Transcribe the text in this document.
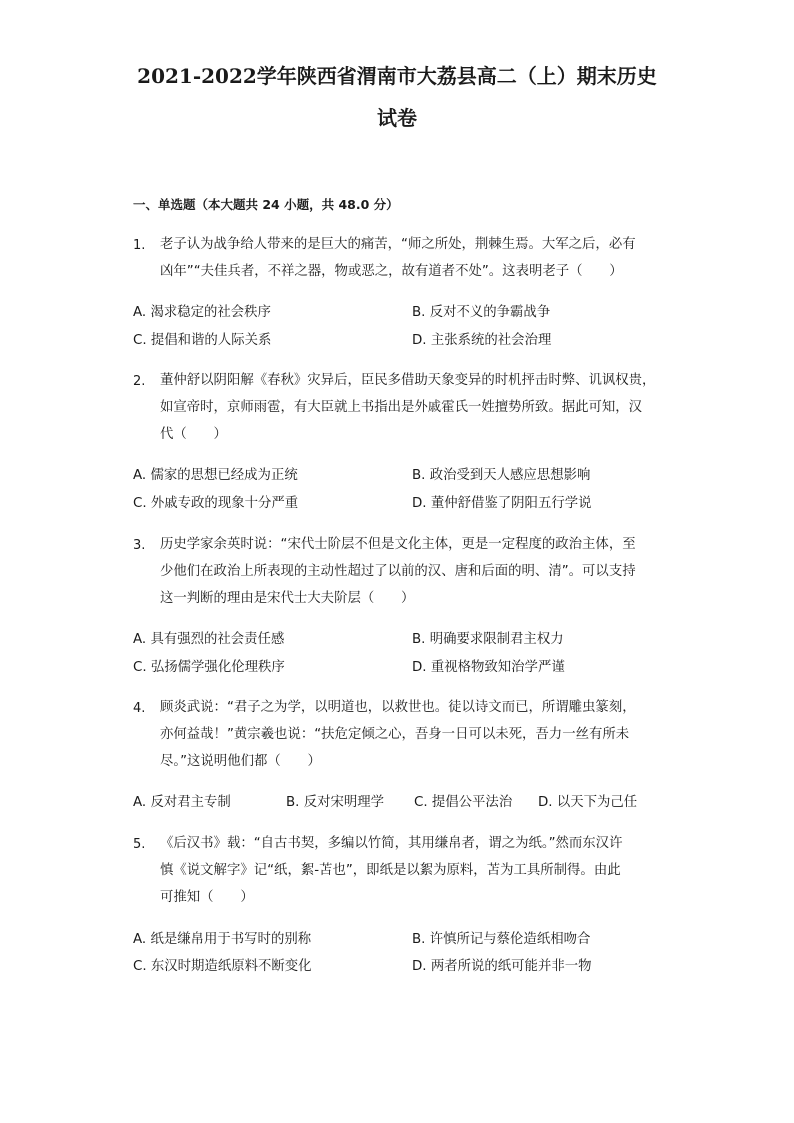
2021-2022学年陕西省渭南市大荔县高二（上）期末历史
试卷
一、单选题（本大题共 24 小题，共 48.0 分）
1.	老子认为战争给人带来的是巨大的痛苦，“师之所处，荆棘生焉。大军之后，必有
凶年”“夫佳兵者，不祥之器，物或恶之，故有道者不处”。这表明老子（　　）
A. 渴求稳定的社会秩序	B. 反对不义的争霸战争
C. 提倡和谐的人际关系	D. 主张系统的社会治理
2.	董仲舒以阴阳解《春秋》灾异后，臣民多借助天象变异的时机抨击时弊、讥讽权贵，
如宣帝时，京师雨雹，有大臣就上书指出是外戚霍氏一姓擅势所致。据此可知，汉
代（　　）
A. 儒家的思想已经成为正统	B. 政治受到天人感应思想影响
C. 外戚专政的现象十分严重	D. 董仲舒借鉴了阴阳五行学说
3.	历史学家余英时说：“宋代士阶层不但是文化主体，更是一定程度的政治主体，至
少他们在政治上所表现的主动性超过了以前的汉、唐和后面的明、清”。可以支持
这一判断的理由是宋代士大夫阶层（　　）
A. 具有强烈的社会责任感	B. 明确要求限制君主权力
C. 弘扬儒学强化伦理秩序	D. 重视格物致知治学严谨
4.	顾炎武说：“君子之为学，以明道也，以救世也。徒以诗文而已，所谓雕虫篆刻，
亦何益哉！”黄宗羲也说：“扶危定倾之心，吾身一日可以未死，吾力一丝有所未
尽。”这说明他们都（　　）
A. 反对君主专制	B. 反对宋明理学 C. 提倡公平法治 D. 以天下为己任
5.	《后汉书》载：“自古书契，多编以竹简，其用缣帛者，谓之为纸。”然而东汉许
慎《说文解字》记“纸，絮-苫也”，即纸是以絮为原料，苫为工具所制得。由此
可推知（　　）
A. 纸是缣帛用于书写时的别称	B. 许慎所记与蔡伦造纸相吻合
C. 东汉时期造纸原料不断变化	D. 两者所说的纸可能并非一物
